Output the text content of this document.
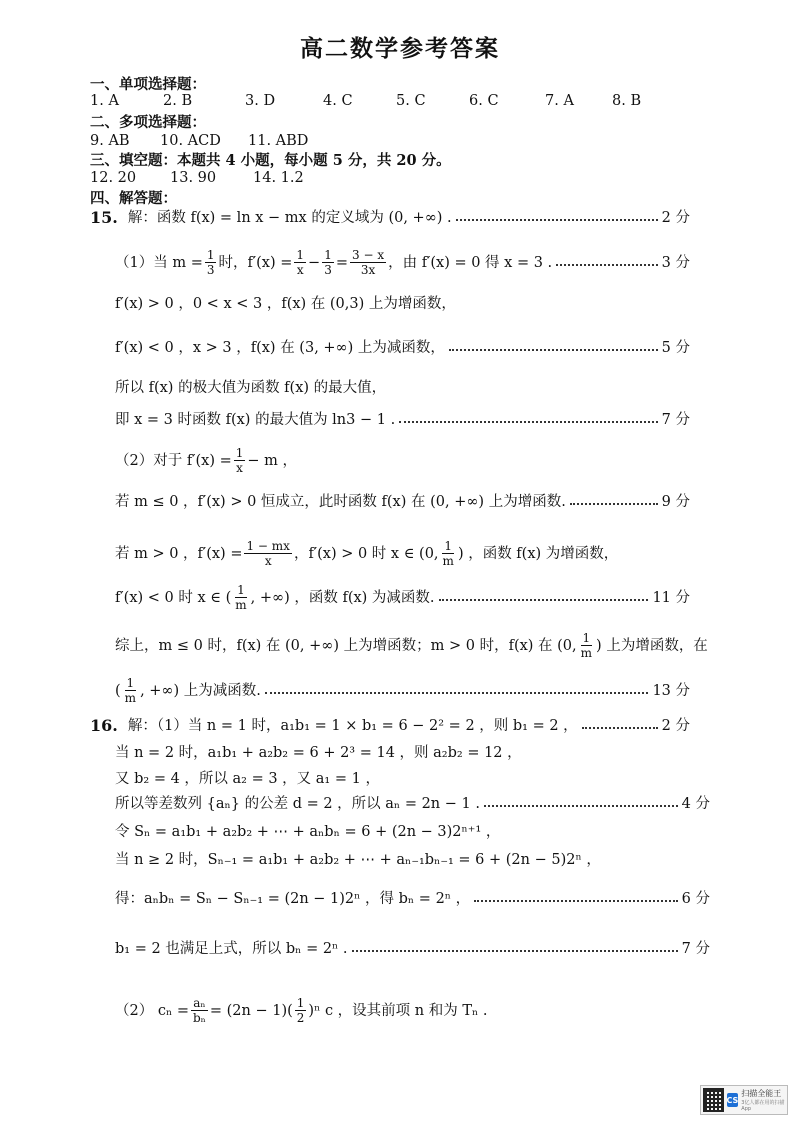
高二数学参考答案
一、单项选择题：
1. A	2. B	3. D	4. C	5. C	6. C	7. A	8. B
二、多项选择题：
9. AB 10. ACD 11. ABD
三、填空题：本题共 4 小题，每小题 5 分，共 20 分。
12. 20 13. 90	14. 1.2
四、解答题：
15. 解：函数 f(x) = ln x − mx 的定义域为 (0, +∞) .	2 分
（1）当 $m = \frac{1}{3}$ 时，$f'(x) = \frac{1}{x} - \frac{1}{3} = \frac{3 - x}{3x}$ ，由 f′(x) = 0 得 x = 3 .	3 分
f′(x) > 0 ，0 < x < 3 ，f(x) 在 (0,3) 上为增函数，
f′(x) < 0 ，x > 3 ，f(x) 在 (3, +∞) 上为减函数，	5 分
所以 f(x) 的极大值为函数 f(x) 的最大值，
即 x = 3 时函数 f(x) 的最大值为 ln3 − 1 .	7 分
（2）对于 $f'(x) = \frac{1}{x} - m$ ，
若 m ≤ 0 ，f′(x) > 0 恒成立，此时函数 f(x) 在 (0, +∞) 上为增函数.	9 分
若 m > 0 ，$f'(x) = \frac{1 - mx}{x}$ ，f′(x) > 0 时 x ∈ (0, $\frac{1}{m}$ ) ，函数 f(x) 为增函数，
f′(x) < 0 时 x ∈ ( $\frac{1}{m}$ , +∞) ，函数 f(x) 为减函数.	11 分
综上，m ≤ 0 时，f(x) 在 (0, +∞) 上为增函数；m > 0 时，f(x) 在 (0, $\frac{1}{m}$ ) 上为增函数，在
( $\frac{1}{m}$ , +∞) 上为减函数.	13 分
16. 解：（1）当 n = 1 时，a₁b₁ = 1 × b₁ = 6 − 2² = 2 ，则 b₁ = 2 ，	2 分
当 n = 2 时，a₁b₁ + a₂b₂ = 6 + 2³ = 14 ，则 a₂b₂ = 12 ，
又 b₂ = 4 ，所以 a₂ = 3 ，又 a₁ = 1 ，
所以等差数列 {aₙ} 的公差 d = 2 ，所以 aₙ = 2n − 1 .	4 分
令 Sₙ = a₁b₁ + a₂b₂ + ⋯ + aₙbₙ = 6 + (2n − 3)2ⁿ⁺¹ ，
当 n ≥ 2 时，Sₙ₋₁ = a₁b₁ + a₂b₂ + ⋯ + aₙ₋₁bₙ₋₁ = 6 + (2n − 5)2ⁿ ，
得：aₙbₙ = Sₙ − Sₙ₋₁ = (2n − 1)2ⁿ ，得 bₙ = 2ⁿ ，	6 分
b₁ = 2 也满足上式，所以 bₙ = 2ⁿ .	7 分
（2） $c_n = \frac{\text{aₙ}}{\text{bₙ}} = (2n - 1)( \frac{1}{2} )^n$ c ，设其前项 n 和为 Tₙ .
CS
扫描全能王
3亿人都在用的扫描App
